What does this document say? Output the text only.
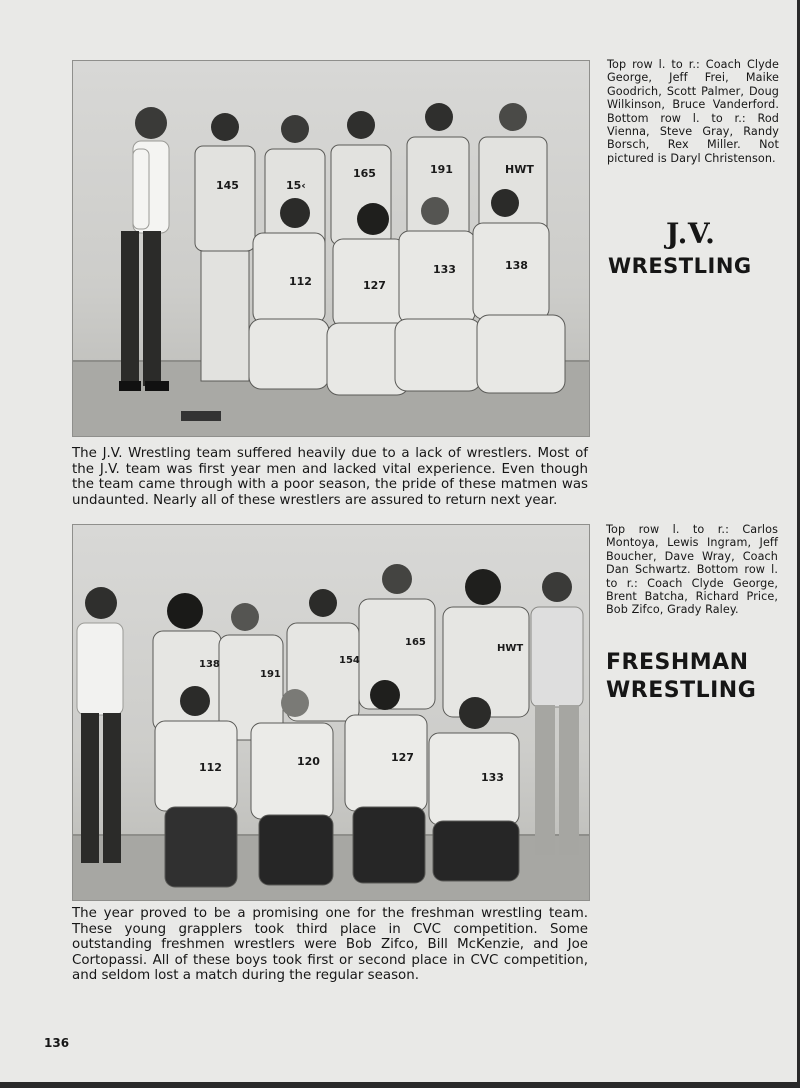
145	15‹
165	191	HWT
112	127
133	138

Top row l. to r.: Coach Clyde George, Jeff Frei, Maike Goodrich, Scott Palmer, Doug Wilkinson, Bruce Vanderford. Bottom row l. to r.: Rod Vienna, Steve Gray, Randy Borsch, Rex Miller. Not pictured is Daryl Christenson.

J.V.
WRESTLING

The J.V. Wrestling team suffered heavily due to a lack of wrestlers. Most of the J.V. team was first year men and lacked vital experience. Even though the team came through with a poor season, the pride of these matmen was undaunted. Nearly all of these wrestlers are assured to return next year.

138
191
154
165
HWT
112	120	127
133

Top row l. to r.: Carlos Montoya, Lewis Ingram, Jeff Boucher, Dave Wray, Coach Dan Schwartz. Bottom row l. to r.: Coach Clyde George, Brent Batcha, Richard Price, Bob Zifco, Grady Raley.

FRESHMAN
WRESTLING

The year proved to be a promising one for the freshman wrestling team. These young grapplers took third place in CVC competition. Some outstanding freshmen wrestlers were Bob Zifco, Bill McKenzie, and Joe Cortopassi. All of these boys took first or second place in CVC competition, and seldom lost a match during the regular season.

136
